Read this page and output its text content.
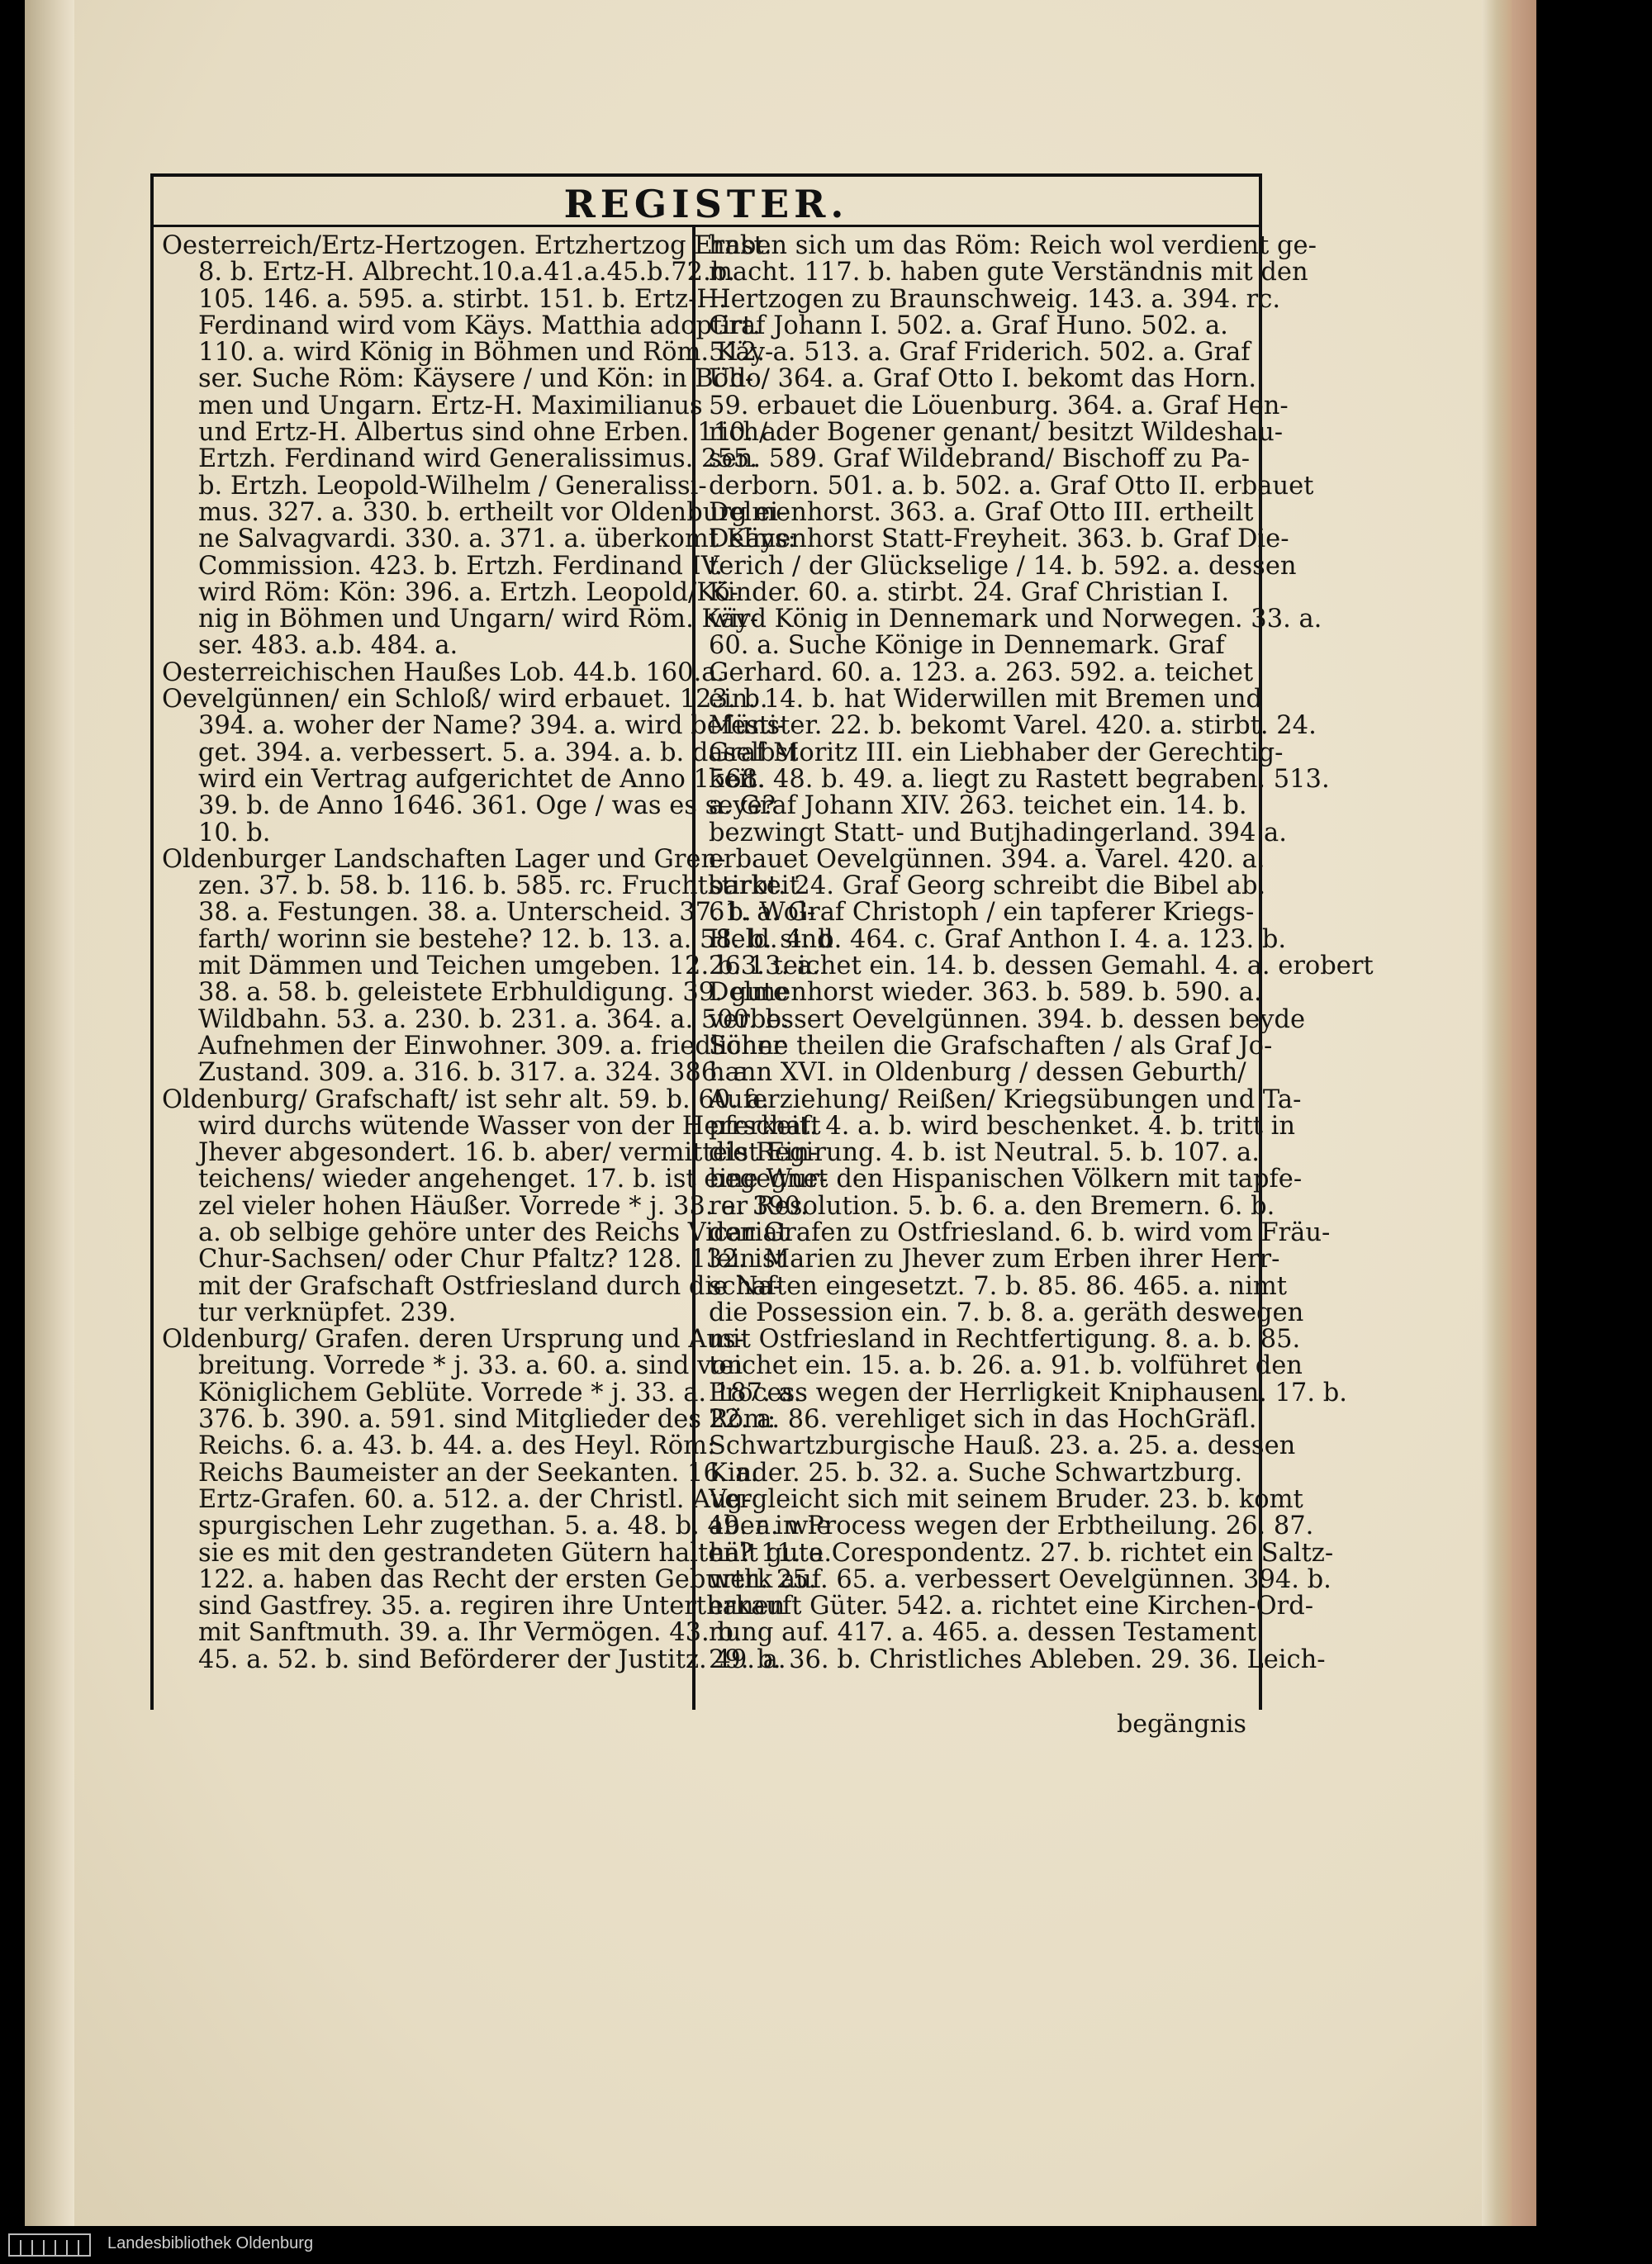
REGISTER.
Oesterreich/Ertz-Hertzogen. Ertzhertzog Ernst.
8. b. Ertz-H. Albrecht.10.a.41.a.45.b.72.b.
105. 146. a. 595. a. stirbt. 151. b. Ertz-H.
Ferdinand wird vom Käys. Matthia adoptirt.
110. a. wird König in Böhmen und Röm. Käy-
ser. Suche Röm: Käysere / und Kön: in Böh-
men und Ungarn. Ertz-H. Maximilianus
und Ertz-H. Albertus sind ohne Erben. 110. a.
Ertzh. Ferdinand wird Generalissimus. 255.
b. Ertzh. Leopold-Wilhelm / Generalissi-
mus. 327. a. 330. b. ertheilt vor Oldenburg ei-
ne Salvagvardi. 330. a. 371. a. überkomt Käys:
Commission. 423. b. Ertzh. Ferdinand IV.
wird Röm: Kön: 396. a. Ertzh. Leopold/Kö-
nig in Böhmen und Ungarn/ wird Röm. Käy-
ser. 483. a.b. 484. a.
Oesterreichischen Haußes Lob. 44.b. 160.a.
Oevelgünnen/ ein Schloß/ wird erbauet. 123. b.
394. a. woher der Name? 394. a. wird befesti-
get. 394. a. verbessert. 5. a. 394. a. b. daselbst
wird ein Vertrag aufgerichtet de Anno 1568.
39. b. de Anno 1646. 361. Oge / was es seye?
10. b.
Oldenburger Landschaften Lager und Gren-
zen. 37. b. 58. b. 116. b. 585. rc. Fruchtbarkeit
38. a. Festungen. 38. a. Unterscheid. 37. b. Wol-
farth/ worinn sie bestehe? 12. b. 13. a. 58. b. sind
mit Dämmen und Teichen umgeben. 12. b. 13. a.
38. a. 58. b. geleistete Erbhuldigung. 39. gute
Wildbahn. 53. a. 230. b. 231. a. 364. a. 500. b.
Aufnehmen der Einwohner. 309. a. friedlicher
Zustand. 309. a. 316. b. 317. a. 324. 386. a.
Oldenburg/ Grafschaft/ ist sehr alt. 59. b. 60. a.
wird durchs wütende Wasser von der Herrschaft
Jhever abgesondert. 16. b. aber/ vermittelst Ein-
teichens/ wieder angehenget. 17. b. ist eine Wur-
zel vieler hohen Häußer. Vorrede * j. 33. a. 390.
a. ob selbige gehöre unter des Reichs Vicariat
Chur-Sachsen/ oder Chur Pfaltz? 128. 132. ist
mit der Grafschaft Ostfriesland durch die Na-
tur verknüpfet. 239.
Oldenburg/ Grafen. deren Ursprung und Aus-
breitung. Vorrede * j. 33. a. 60. a. sind von
Königlichem Geblüte. Vorrede * j. 33. a. 187. a.
376. b. 390. a. 591. sind Mitglieder des Röm:
Reichs. 6. a. 43. b. 44. a. des Heyl. Röm:
Reichs Baumeister an der Seekanten. 16. a.
Ertz-Grafen. 60. a. 512. a. der Christl. Aug-
spurgischen Lehr zugethan. 5. a. 48. b. 49. a. wie
sie es mit den gestrandeten Gütern halten? 11. a.
122. a. haben das Recht der ersten Geburth. 25.
sind Gastfrey. 35. a. regiren ihre Unterthanen
mit Sanftmuth. 39. a. Ihr Vermögen. 43. b.
45. a. 52. b. sind Beförderer der Justitz. 49. a.
haben sich um das Röm: Reich wol verdient ge-
macht. 117. b. haben gute Verständnis mit den
Hertzogen zu Braunschweig. 143. a. 394. rc.
Graf Johann I. 502. a. Graf Huno. 502. a.
512. a. 513. a. Graf Friderich. 502. a. Graf
Udo/ 364. a. Graf Otto I. bekomt das Horn.
59. erbauet die Löuenburg. 364. a. Graf Hen-
rich/ der Bogener genant/ besitzt Wildeshau-
sen. 589. Graf Wildebrand/ Bischoff zu Pa-
derborn. 501. a. b. 502. a. Graf Otto II. erbauet
Delmenhorst. 363. a. Graf Otto III. ertheilt
Delmenhorst Statt-Freyheit. 363. b. Graf Die-
terich / der Glückselige / 14. b. 592. a. dessen
Kinder. 60. a. stirbt. 24. Graf Christian I.
wird König in Dennemark und Norwegen. 33. a.
60. a. Suche Könige in Dennemark. Graf
Gerhard. 60. a. 123. a. 263. 592. a. teichet
ein. 14. b. hat Widerwillen mit Bremen und
Münster. 22. b. bekomt Varel. 420. a. stirbt. 24.
Graf Moritz III. ein Liebhaber der Gerechtig-
keit. 48. b. 49. a. liegt zu Rastett begraben. 513.
a. Graf Johann XIV. 263. teichet ein. 14. b.
bezwingt Statt- und Butjhadingerland. 394 a.
erbauet Oevelgünnen. 394. a. Varel. 420. a.
stirbt. 24. Graf Georg schreibt die Bibel ab.
61. a. Graf Christoph / ein tapferer Kriegs-
Held. 4. b. 464. c. Graf Anthon I. 4. a. 123. b.
263. teichet ein. 14. b. dessen Gemahl. 4. a. erobert
Delmenhorst wieder. 363. b. 589. b. 590. a.
verbessert Oevelgünnen. 394. b. dessen beyde
Söhne theilen die Grafschaften / als Graf Jo-
hann XVI. in Oldenburg / dessen Geburth/
Auferziehung/ Reißen/ Kriegsübungen und Ta-
pferkeit. 4. a. b. wird beschenket. 4. b. tritt in
die Regirung. 4. b. ist Neutral. 5. b. 107. a.
begegnet den Hispanischen Völkern mit tapfe-
rer Resolution. 5. b. 6. a. den Bremern. 6. b.
den Grafen zu Ostfriesland. 6. b. wird vom Fräu-
lein Marien zu Jhever zum Erben ihrer Herr-
schaften eingesetzt. 7. b. 85. 86. 465. a. nimt
die Possession ein. 7. b. 8. a. geräth deswegen
mit Ostfriesland in Rechtfertigung. 8. a. b. 85.
teichet ein. 15. a. b. 26. a. 91. b. volführet den
Process wegen der Herrligkeit Kniphausen. 17. b.
22. a. 86. verehliget sich in das HochGräfl.
Schwartzburgische Hauß. 23. a. 25. a. dessen
Kinder. 25. b. 32. a. Suche Schwartzburg.
Vergleicht sich mit seinem Bruder. 23. b. komt
aber in Process wegen der Erbtheilung. 26. 87.
hält gute Corespondentz. 27. b. richtet ein Saltz-
werk auf. 65. a. verbessert Oevelgünnen. 394. b.
erkauft Güter. 542. a. richtet eine Kirchen-Ord-
nung auf. 417. a. 465. a. dessen Testament.
29. b. 36. b. Christliches Ableben. 29. 36. Leich-
begängnis
Landesbibliothek Oldenburg
